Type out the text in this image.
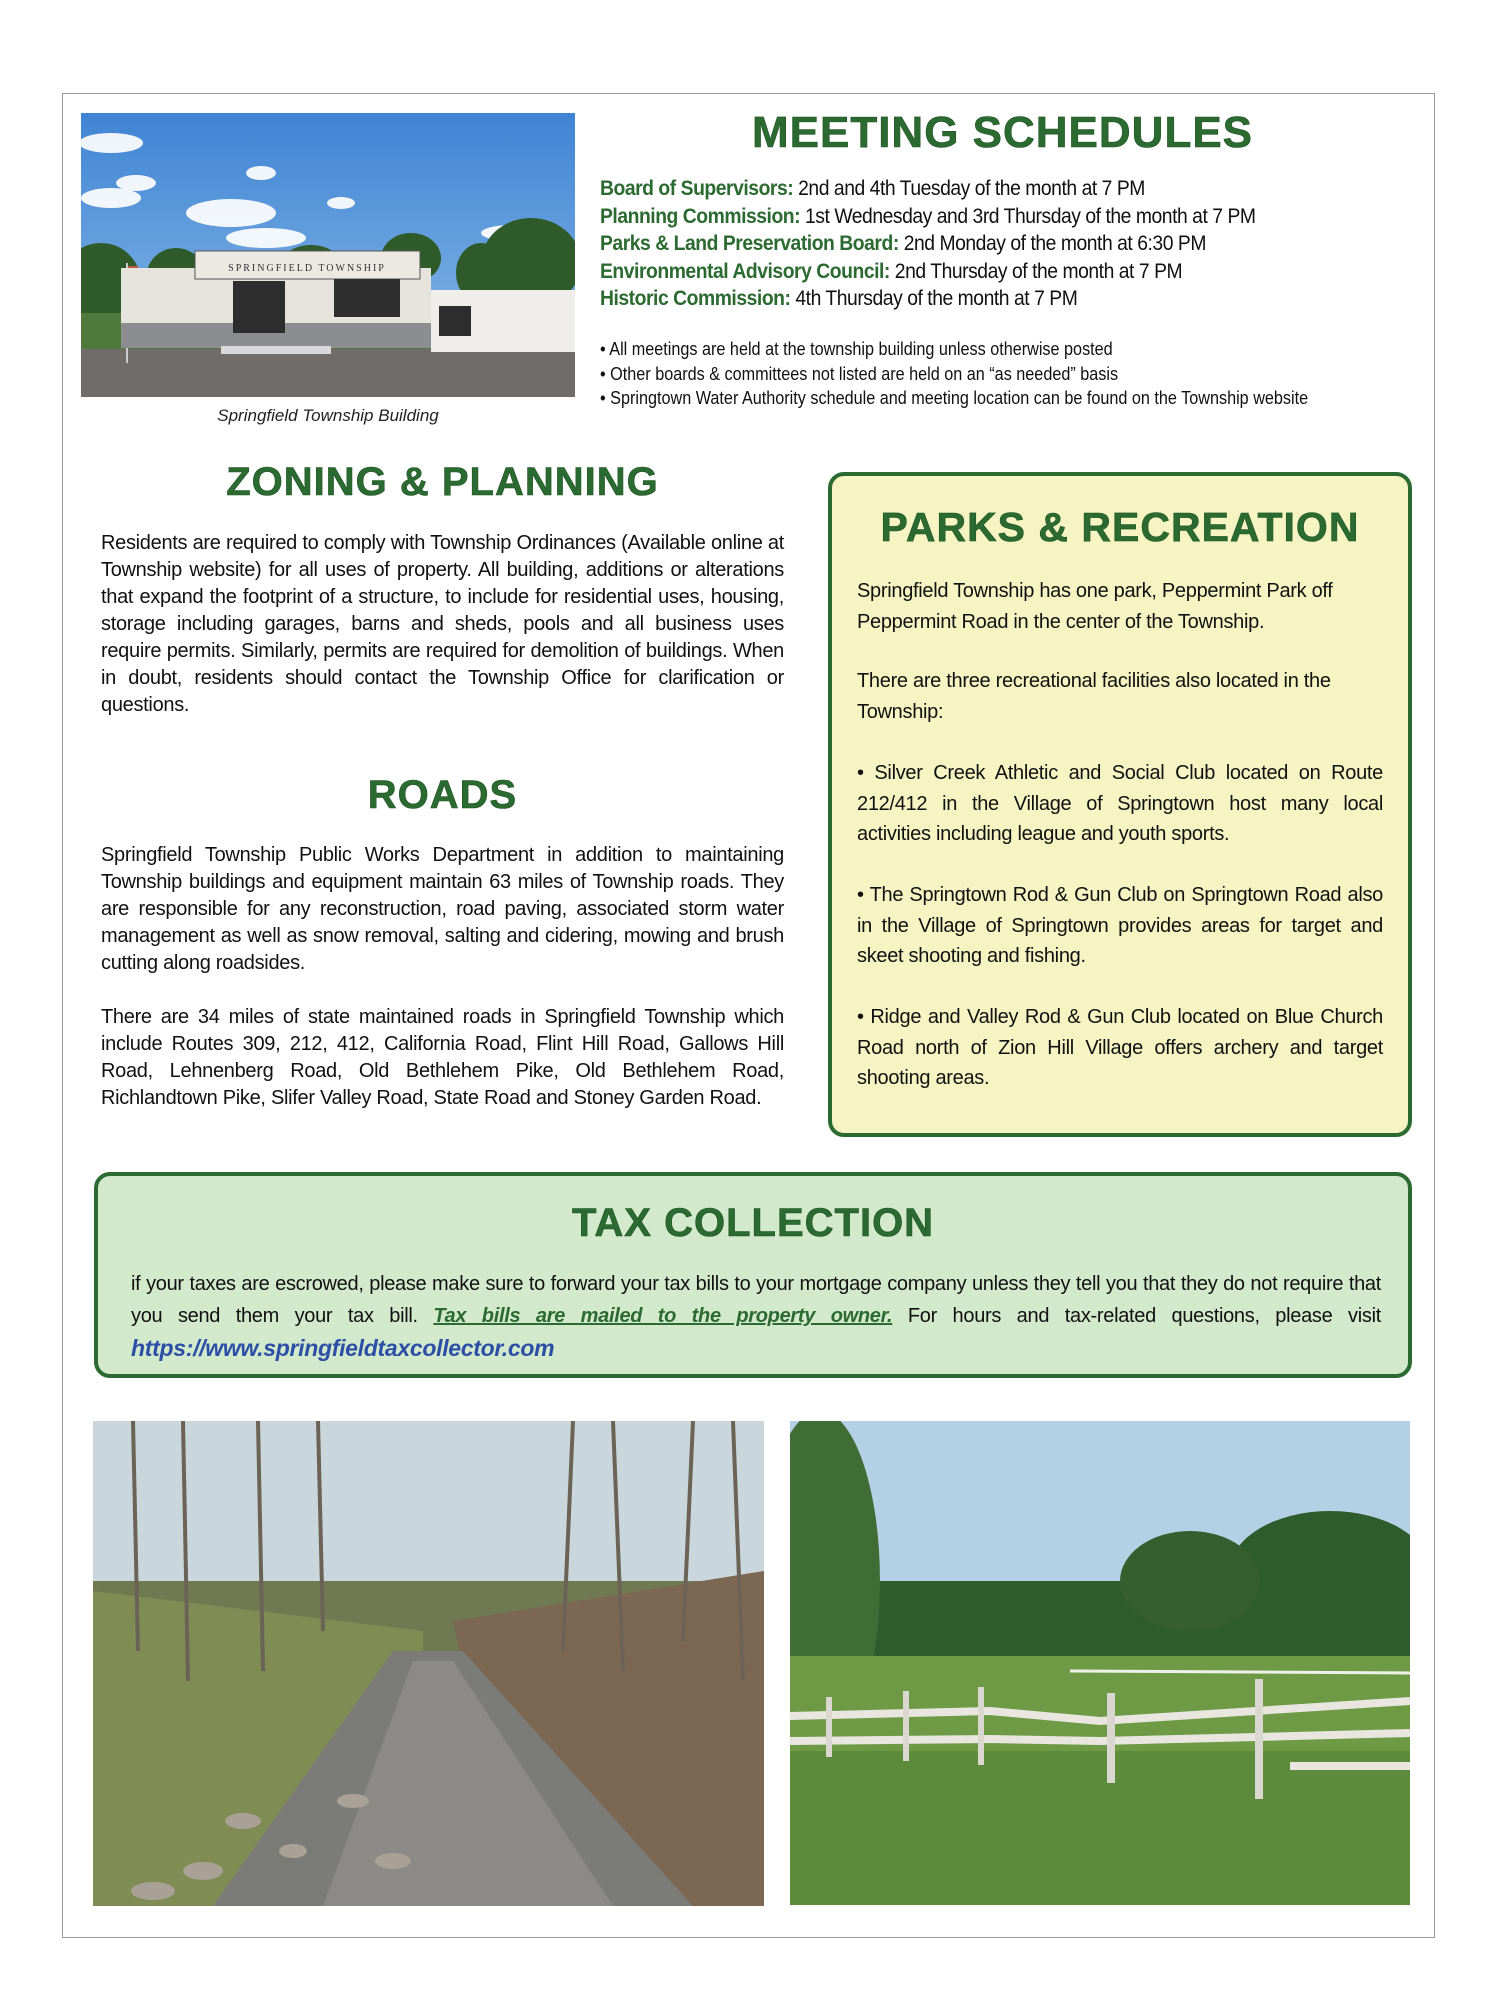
SPRINGFIELD TOWNSHIP
Springfield Township Building
MEETING SCHEDULES
Board of Supervisors: 2nd and 4th Tuesday of the month at 7 PM
Planning Commission: 1st Wednesday and 3rd Thursday of the month at 7 PM
Parks & Land Preservation Board: 2nd Monday of the month at 6:30 PM
Environmental Advisory Council: 2nd Thursday of the month at 7 PM
Historic Commission: 4th Thursday of the month at 7 PM
• All meetings are held at the township building unless otherwise posted
• Other boards & committees not listed are held on an “as needed” basis
• Springtown Water Authority schedule and meeting location can be found on the Township website
ZONING & PLANNING

Residents are required to comply with Township Ordinances (Available online at Township website) for all uses of property. All building, additions or alterations that expand the footprint of a structure, to include for residential uses, housing, storage including garages, barns and sheds, pools and all business uses require permits. Similarly, permits are required for demolition of buildings. When in doubt, residents should contact the Township Office for clarification or questions.

ROADS

Springfield Township Public Works Department in addition to maintaining Township buildings and equipment maintain 63 miles of Township roads. They are responsible for any reconstruction, road paving, associated storm water management as well as snow removal, salting and cidering, mowing and brush cutting along roadsides.

There are 34 miles of state maintained roads in Springfield Township which include Routes 309, 212, 412, California Road, Flint Hill Road, Gallows Hill Road, Lehnenberg Road, Old Bethlehem Pike, Old Bethlehem Road, Richlandtown Pike, Slifer Valley Road, State Road and Stoney Garden Road.

PARKS & RECREATION

Springfield Township has one park, Peppermint Park off Peppermint Road in the center of the Township.

There are three recreational facilities also located in the Township:

• Silver Creek Athletic and Social Club located on Route 212/412 in the Village of Springtown host many local activities including league and youth sports.

• The Springtown Rod & Gun Club on Springtown Road also in the Village of Springtown provides areas for target and skeet shooting and fishing.

• Ridge and Valley Rod & Gun Club located on Blue Church Road north of Zion Hill Village offers archery and target shooting areas.

TAX COLLECTION

if your taxes are escrowed, please make sure to forward your tax bills to your mortgage company unless they tell you that they do not require that you send them your tax bill. Tax bills are mailed to the property owner. For hours and tax-related questions, please visit https://www.springfieldtaxcollector.com
